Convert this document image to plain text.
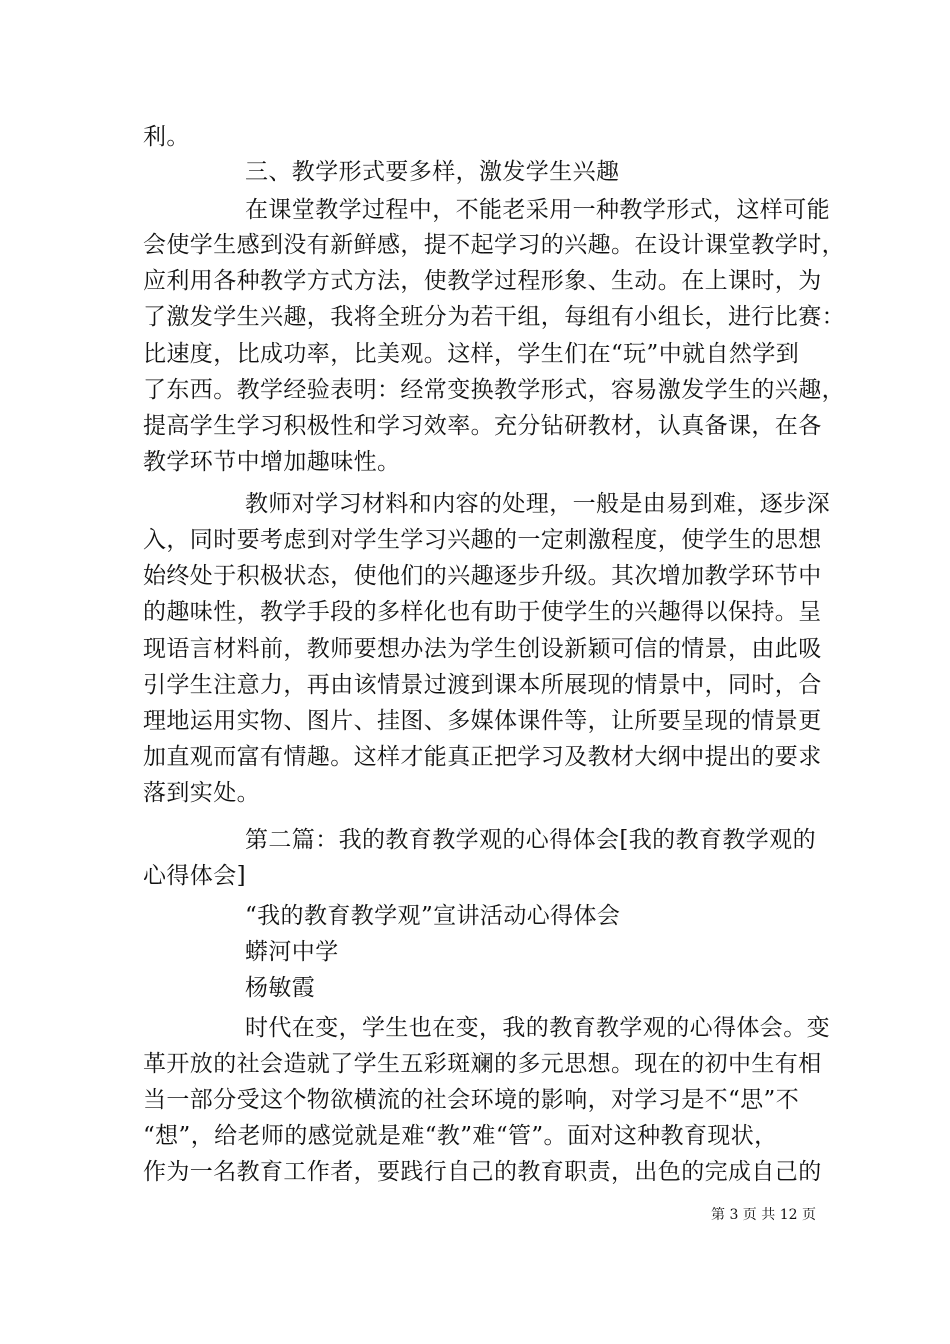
利。
三、教学形式要多样，激发学生兴趣
在课堂教学过程中，不能老采用一种教学形式，这样可能
会使学生感到没有新鲜感，提不起学习的兴趣。在设计课堂教学时，
应利用各种教学方式方法，使教学过程形象、生动。在上课时，为
了激发学生兴趣，我将全班分为若干组，每组有小组长，进行比赛：
比速度，比成功率，比美观。这样，学生们在“玩”中就自然学到
了东西。教学经验表明：经常变换教学形式，容易激发学生的兴趣，
提高学生学习积极性和学习效率。充分钻研教材，认真备课，在各
教学环节中增加趣味性。
教师对学习材料和内容的处理，一般是由易到难，逐步深
入，同时要考虑到对学生学习兴趣的一定刺激程度，使学生的思想
始终处于积极状态，使他们的兴趣逐步升级。其次增加教学环节中
的趣味性，教学手段的多样化也有助于使学生的兴趣得以保持。呈
现语言材料前，教师要想办法为学生创设新颖可信的情景，由此吸
引学生注意力，再由该情景过渡到课本所展现的情景中，同时，合
理地运用实物、图片、挂图、多媒体课件等，让所要呈现的情景更
加直观而富有情趣。这样才能真正把学习及教材大纲中提出的要求
落到实处。
第二篇：我的教育教学观的心得体会[我的教育教学观的
心得体会]
“我的教育教学观”宣讲活动心得体会
蟒河中学
杨敏霞
时代在变，学生也在变，我的教育教学观的心得体会。变
革开放的社会造就了学生五彩斑斓的多元思想。现在的初中生有相
当一部分受这个物欲横流的社会环境的影响，对学习是不“思”不
“想”，给老师的感觉就是难“教”难“管”。面对这种教育现状，
作为一名教育工作者，要践行自己的教育职责，出色的完成自己的
第 3 页 共 12 页
